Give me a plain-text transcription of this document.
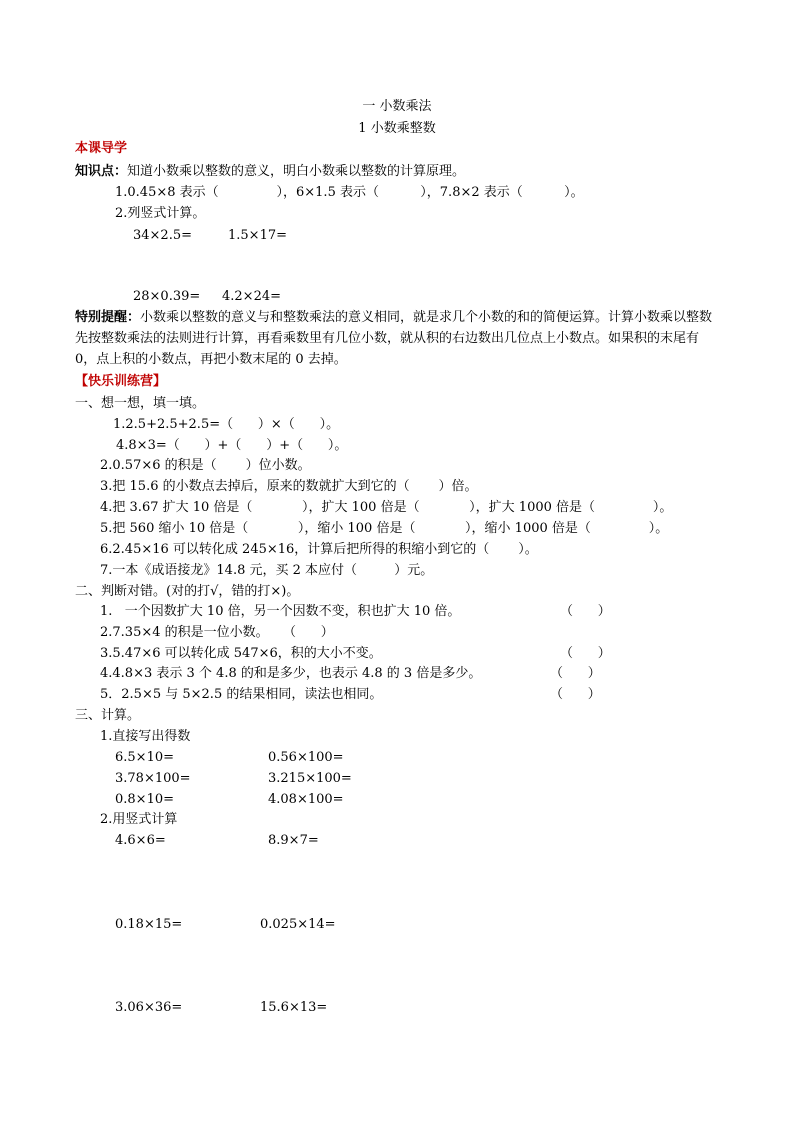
一 小数乘法
1 小数乘整数
本课导学
知识点：知道小数乘以整数的意义，明白小数乘以整数的计算原理。
1.0.45×8 表示（              ），6×1.5 表示（          ），7.8×2 表示（          ）。
2.列竖式计算。
34×2.5=	1.5×17=
28×0.39= 4.2×24=
特别提醒：小数乘以整数的意义与和整数乘法的意义相同，就是求几个小数的和的简便运算。计算小数乘以整数先按整数乘法的法则进行计算，再看乘数里有几位小数，就从积的右边数出几位点上小数点。如果积的末尾有 0，点上积的小数点，再把小数末尾的 0 去掉。
【快乐训练营】
一、想一想，填一填。
1.2.5+2.5+2.5=（      ）×（      ）。
4.8×3=（      ）+（      ）+（      ）。
2.0.57×6 的积是（       ）位小数。
3.把 15.6 的小数点去掉后，原来的数就扩大到它的（       ）倍。
4.把 3.67 扩大 10 倍是（            ），扩大 100 倍是（            ），扩大 1000 倍是（              ）。
5.把 560 缩小 10 倍是（            ），缩小 100 倍是（            ），缩小 1000 倍是（              ）。
6.2.45×16 可以转化成 245×16，计算后把所得的积缩小到它的（       ）。
7.一本《成语接龙》14.8 元，买 2 本应付（         ）元。
二、判断对错。(对的打√，错的打×)。
1.   一个因数扩大 10 倍，另一个因数不变，积也扩大 10 倍。	（      ）
2.7.35×4 的积是一位小数。 （      ）
3.5.47×6 可以转化成 547×6，积的大小不变。	（      ）
4.4.8×3 表示 3 个 4.8 的和是多少，也表示 4.8 的 3 倍是多少。	（      ）
5．2.5×5 与 5×2.5 的结果相同，读法也相同。	（      ）
三、计算。
1.直接写出得数
6.5×10=	0.56×100=
3.78×100=	3.215×100=
0.8×10=	4.08×100=
2.用竖式计算
4.6×6=	8.9×7=
0.18×15=	0.025×14=
3.06×36=	15.6×13=
